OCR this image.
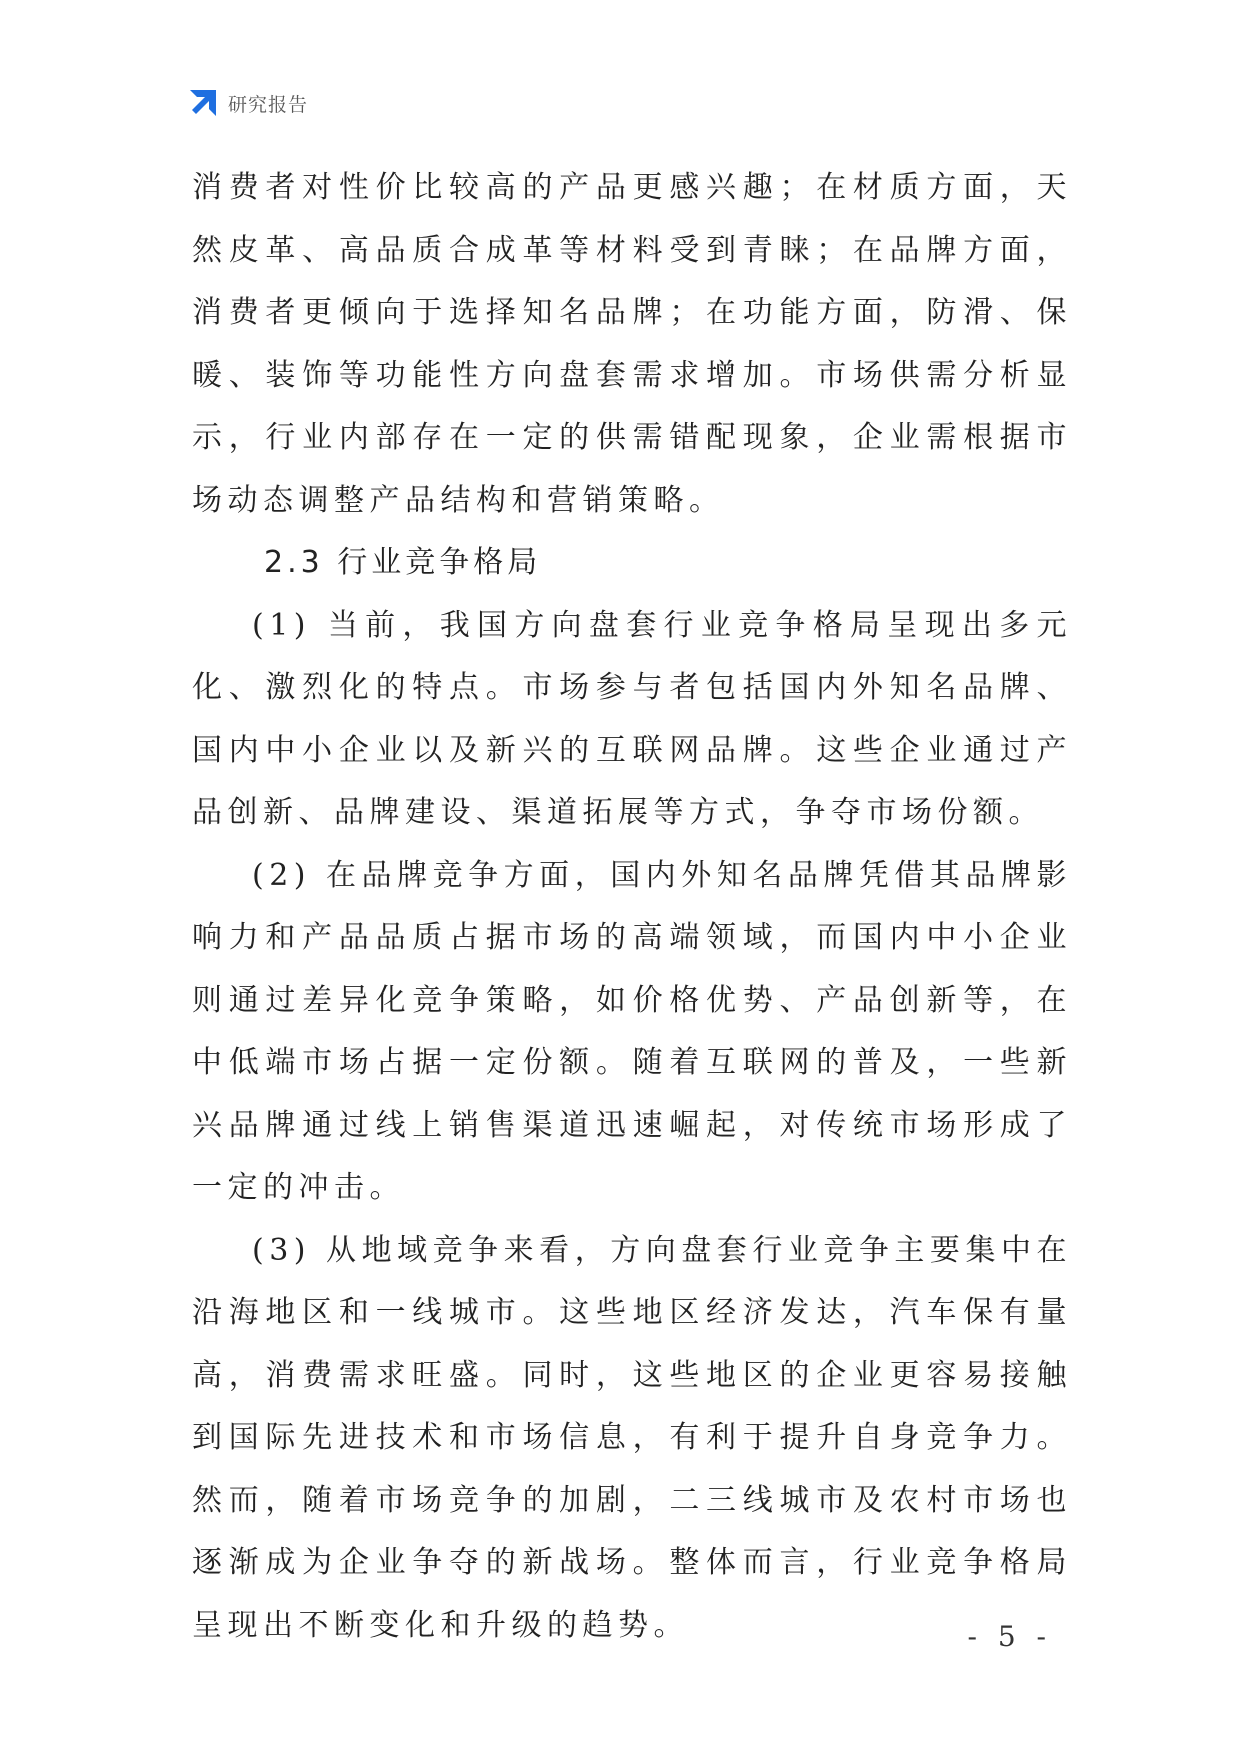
研究报告

消费者对性价比较高的产品更感兴趣；在材质方面，天然皮革、高品质合成革等材料受到青睐；在品牌方面，消费者更倾向于选择知名品牌；在功能方面，防滑、保暖、装饰等功能性方向盘套需求增加。市场供需分析显示，行业内部存在一定的供需错配现象，企业需根据市场动态调整产品结构和营销策略。

2.3 行业竞争格局

(1) 当前，我国方向盘套行业竞争格局呈现出多元化、激烈化的特点。市场参与者包括国内外知名品牌、国内中小企业以及新兴的互联网品牌。这些企业通过产品创新、品牌建设、渠道拓展等方式，争夺市场份额。

(2) 在品牌竞争方面，国内外知名品牌凭借其品牌影响力和产品品质占据市场的高端领域，而国内中小企业则通过差异化竞争策略，如价格优势、产品创新等，在中低端市场占据一定份额。随着互联网的普及，一些新兴品牌通过线上销售渠道迅速崛起，对传统市场形成了一定的冲击。

(3) 从地域竞争来看，方向盘套行业竞争主要集中在沿海地区和一线城市。这些地区经济发达，汽车保有量高，消费需求旺盛。同时，这些地区的企业更容易接触到国际先进技术和市场信息，有利于提升自身竞争力。然而，随着市场竞争的加剧，二三线城市及农村市场也逐渐成为企业争夺的新战场。整体而言，行业竞争格局呈现出不断变化和升级的趋势。	- 5 -
